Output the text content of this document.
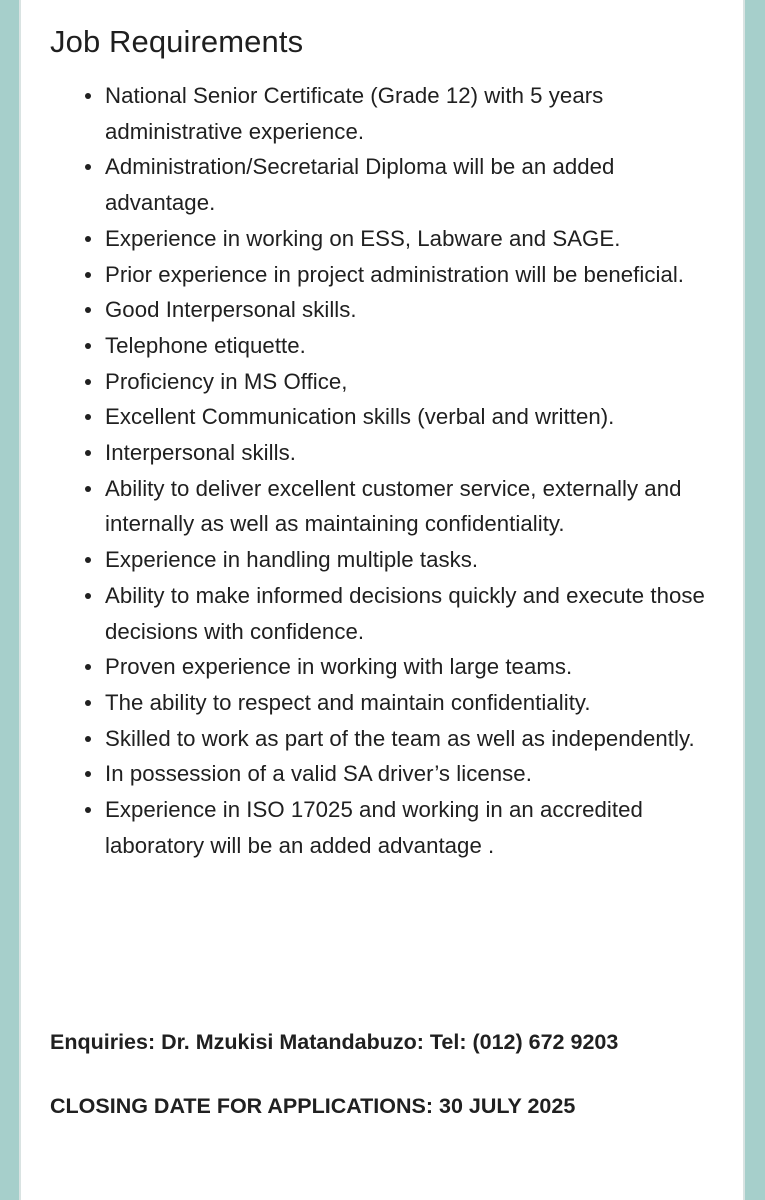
Job Requirements
National Senior Certificate (Grade 12) with 5 years administrative experience.
Administration/Secretarial Diploma will be an added advantage.
Experience in working on ESS, Labware and SAGE.
Prior experience in project administration will be beneficial.
Good Interpersonal skills.
Telephone etiquette.
Proficiency in MS Office,
Excellent Communication skills (verbal and written).
Interpersonal skills.
Ability to deliver excellent customer service, externally and internally as well as maintaining confidentiality.
Experience in handling multiple tasks.
Ability to make informed decisions quickly and execute those decisions with confidence.
Proven experience in working with large teams.
The ability to respect and maintain confidentiality.
Skilled to work as part of the team as well as independently.
In possession of a valid SA driver’s license.
Experience in ISO 17025 and working in an accredited laboratory will be an added advantage .

Enquiries: Dr. Mzukisi Matandabuzo: Tel: (012) 672 9203

CLOSING DATE FOR APPLICATIONS: 30 JULY 2025
